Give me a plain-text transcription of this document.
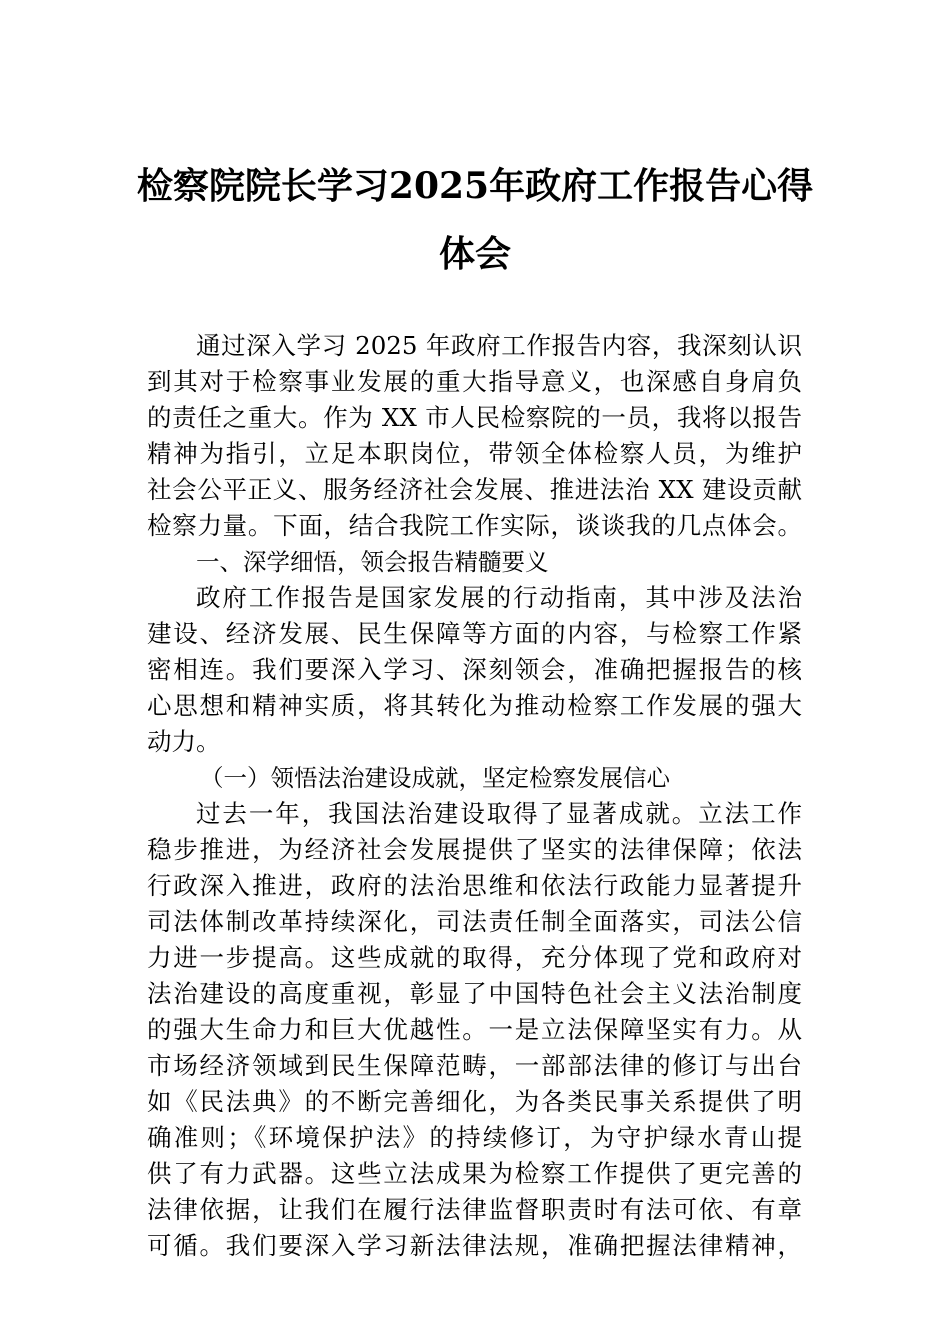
检察院院长学习2025年政府工作报告心得
体会

通过深入学习 2025 年政府工作报告内容，我深刻认识

到其对于检察事业发展的重大指导意义，也深感自身肩负

的责任之重大。作为 XX 市人民检察院的一员，我将以报告

精神为指引，立足本职岗位，带领全体检察人员，为维护

社会公平正义、服务经济社会发展、推进法治 XX 建设贡献

检察力量。下面，结合我院工作实际，谈谈我的几点体会。

一、深学细悟，领会报告精髓要义

政府工作报告是国家发展的行动指南，其中涉及法治

建设、经济发展、民生保障等方面的内容，与检察工作紧

密相连。我们要深入学习、深刻领会，准确把握报告的核

心思想和精神实质，将其转化为推动检察工作发展的强大

动力。

（一）领悟法治建设成就，坚定检察发展信心

过去一年，我国法治建设取得了显著成就。立法工作

稳步推进，为经济社会发展提供了坚实的法律保障；依法

行政深入推进，政府的法治思维和依法行政能力显著提升

司法体制改革持续深化，司法责任制全面落实，司法公信

力进一步提高。这些成就的取得，充分体现了党和政府对

法治建设的高度重视，彰显了中国特色社会主义法治制度

的强大生命力和巨大优越性。一是立法保障坚实有力。从

市场经济领域到民生保障范畴，一部部法律的修订与出台

如《民法典》的不断完善细化，为各类民事关系提供了明

确准则；《环境保护法》的持续修订，为守护绿水青山提

供了有力武器。这些立法成果为检察工作提供了更完善的

法律依据，让我们在履行法律监督职责时有法可依、有章

可循。我们要深入学习新法律法规，准确把握法律精神，
